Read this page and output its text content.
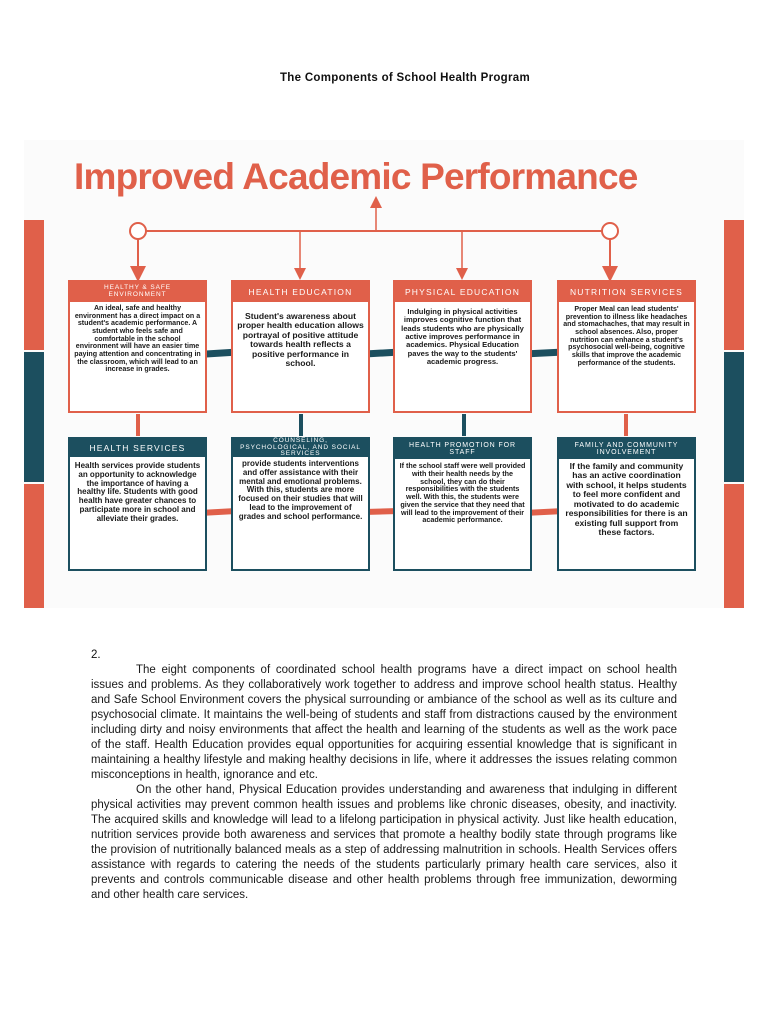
The Components of School Health Program
Improved Academic Performance
HEALTHY & SAFE ENVIRONMENT
An ideal, safe and healthy environment has a direct impact on a student's academic performance. A student who feels safe and comfortable in the school environment will have an easier time paying attention and concentrating in the classroom, which will lead to an increase in grades.
HEALTH EDUCATION
Student's awareness about proper health education allows portrayal of positive attitude towards health reflects a positive performance in school.
PHYSICAL EDUCATION
Indulging in physical activities improves cognitive function that leads students who are physically active improves performance in academics. Physical Education paves the way to the students' academic progress.
NUTRITION SERVICES
Proper Meal can lead students' prevention to illness like headaches and stomachaches, that may result in school absences. Also, proper nutrition can enhance a student's psychosocial well-being, cognitive skills that improve the academic performance of the students.
HEALTH SERVICES
Health services provide students an opportunity to acknowledge the importance of having a healthy life. Students with good health have greater chances to participate more in school and alleviate their grades.
COUNSELING, PSYCHOLOGICAL, AND SOCIAL SERVICES
provide students interventions and offer assistance with their mental and emotional problems. With this, students are more focused on their studies that will lead to the improvement of grades and school performance.
HEALTH PROMOTION FOR STAFF
If the school staff were well provided with their health needs by the school, they can do their responsibilities with the students well. With this, the students were given the service that they need that will lead to the improvement of their academic performance.
FAMILY AND COMMUNITY INVOLVEMENT
If the family and community has an active coordination with school, it helps students to feel more confident and motivated to do academic responsibilities for there is an existing full support from these factors.
2.

The eight components of coordinated school health programs have a direct impact on school health issues and problems. As they collaboratively work together to address and improve school health status. Healthy and Safe School Environment covers the physical surrounding or ambiance of the school as well as its culture and psychosocial climate. It maintains the well-being of students and staff from distractions caused by the environment including dirty and noisy environments that affect the health and learning of the students as well as the work pace of the staff. Health Education provides equal opportunities for acquiring essential knowledge that is significant in maintaining a healthy lifestyle and making healthy decisions in life, where it addresses the issues relating common misconceptions in health, ignorance and etc.

On the other hand, Physical Education provides understanding and awareness that indulging in different physical activities may prevent common health issues and problems like chronic diseases, obesity, and inactivity. The acquired skills and knowledge will lead to a lifelong participation in physical activity. Just like health education, nutrition services provide both awareness and services that promote a healthy bodily state through programs like the provision of nutritionally balanced meals as a step of addressing malnutrition in schools. Health Services offers assistance with regards to catering the needs of the students particularly primary health care services, also it prevents and controls communicable disease and other health problems through free immunization, deworming and other health care services.
